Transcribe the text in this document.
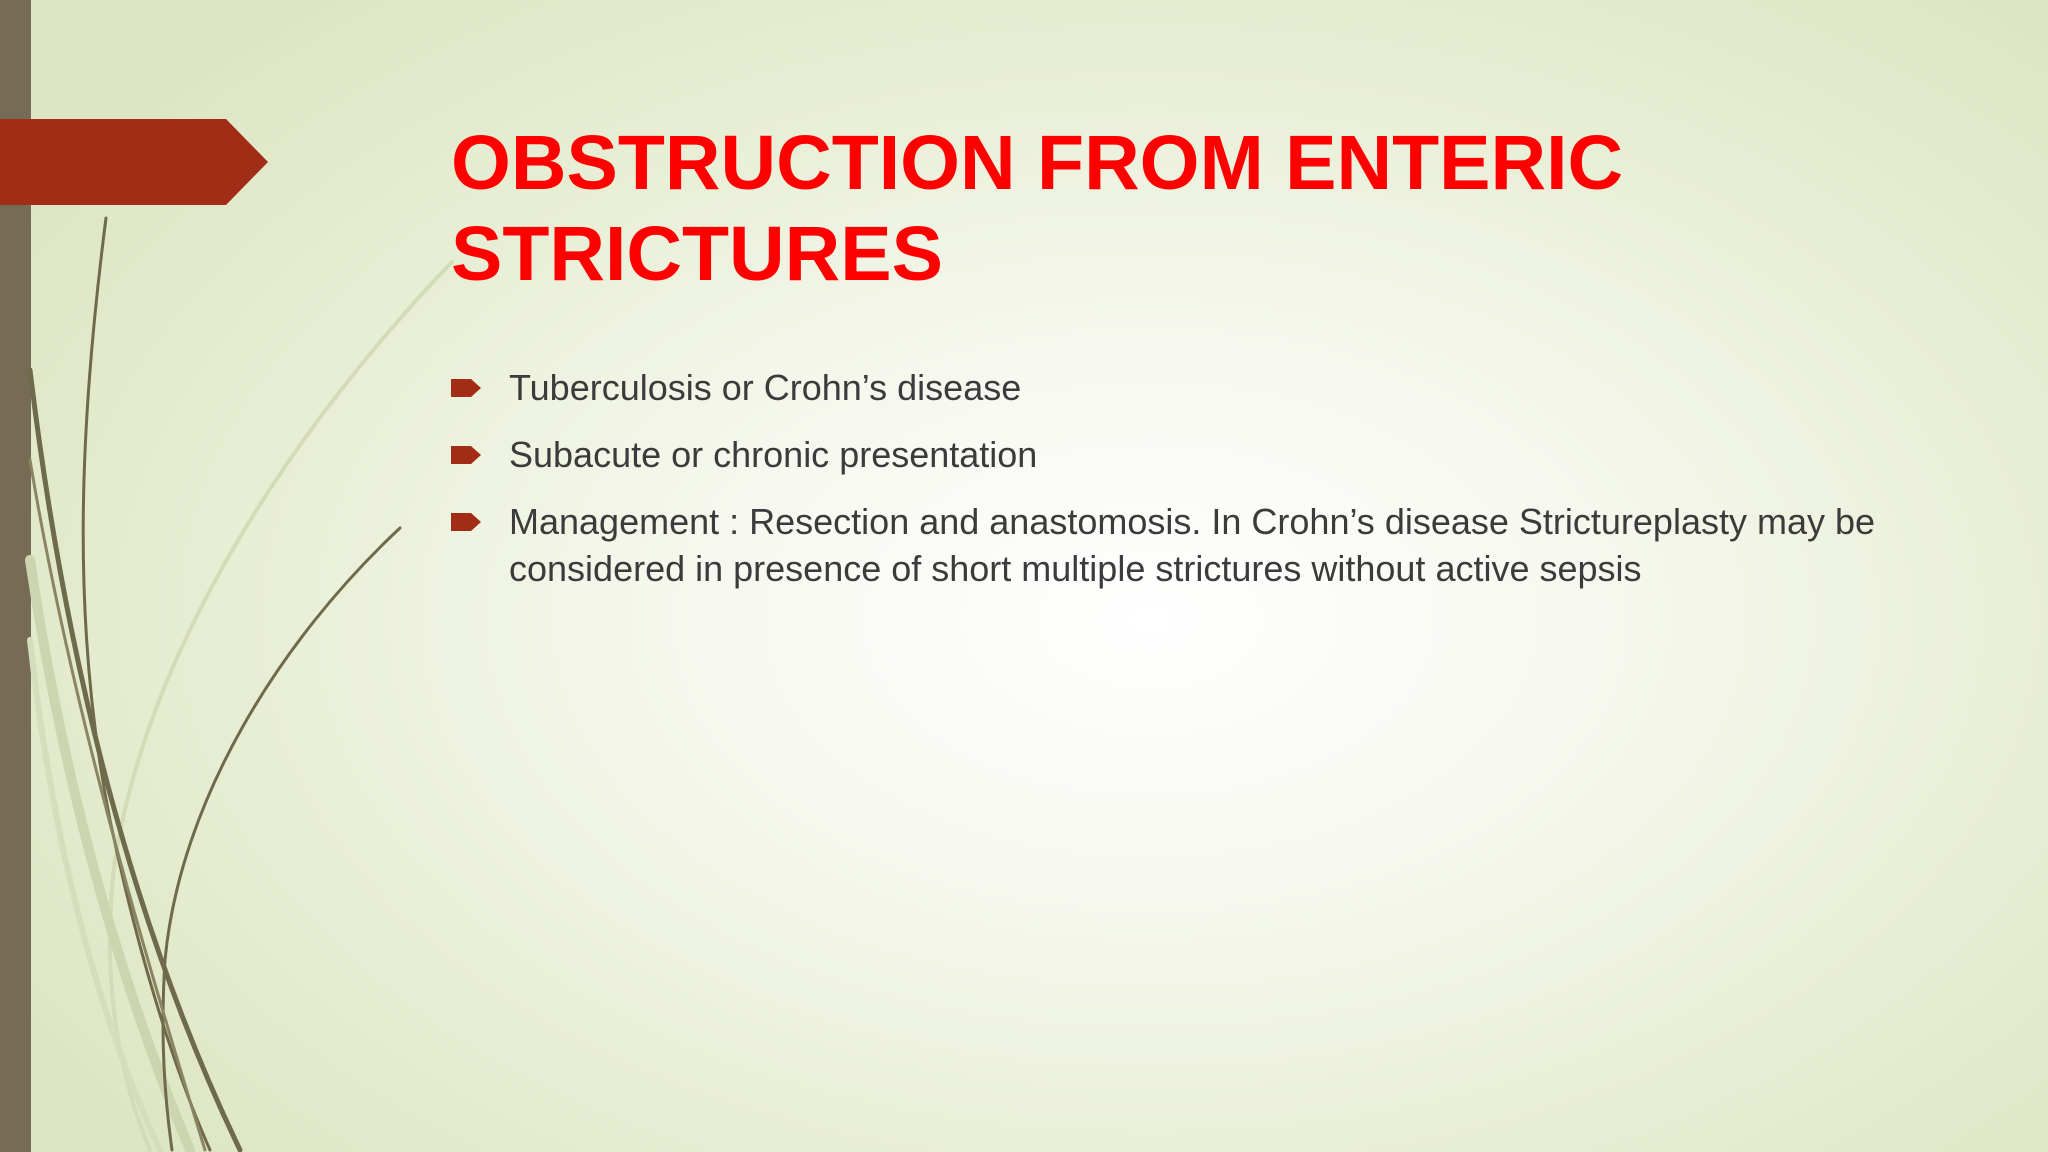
OBSTRUCTION FROM ENTERIC STRICTURES
Tuberculosis or Crohn’s disease
Subacute or chronic presentation
Management : Resection and anastomosis. In Crohn’s disease Strictureplasty may be considered in presence of short multiple strictures without active sepsis
